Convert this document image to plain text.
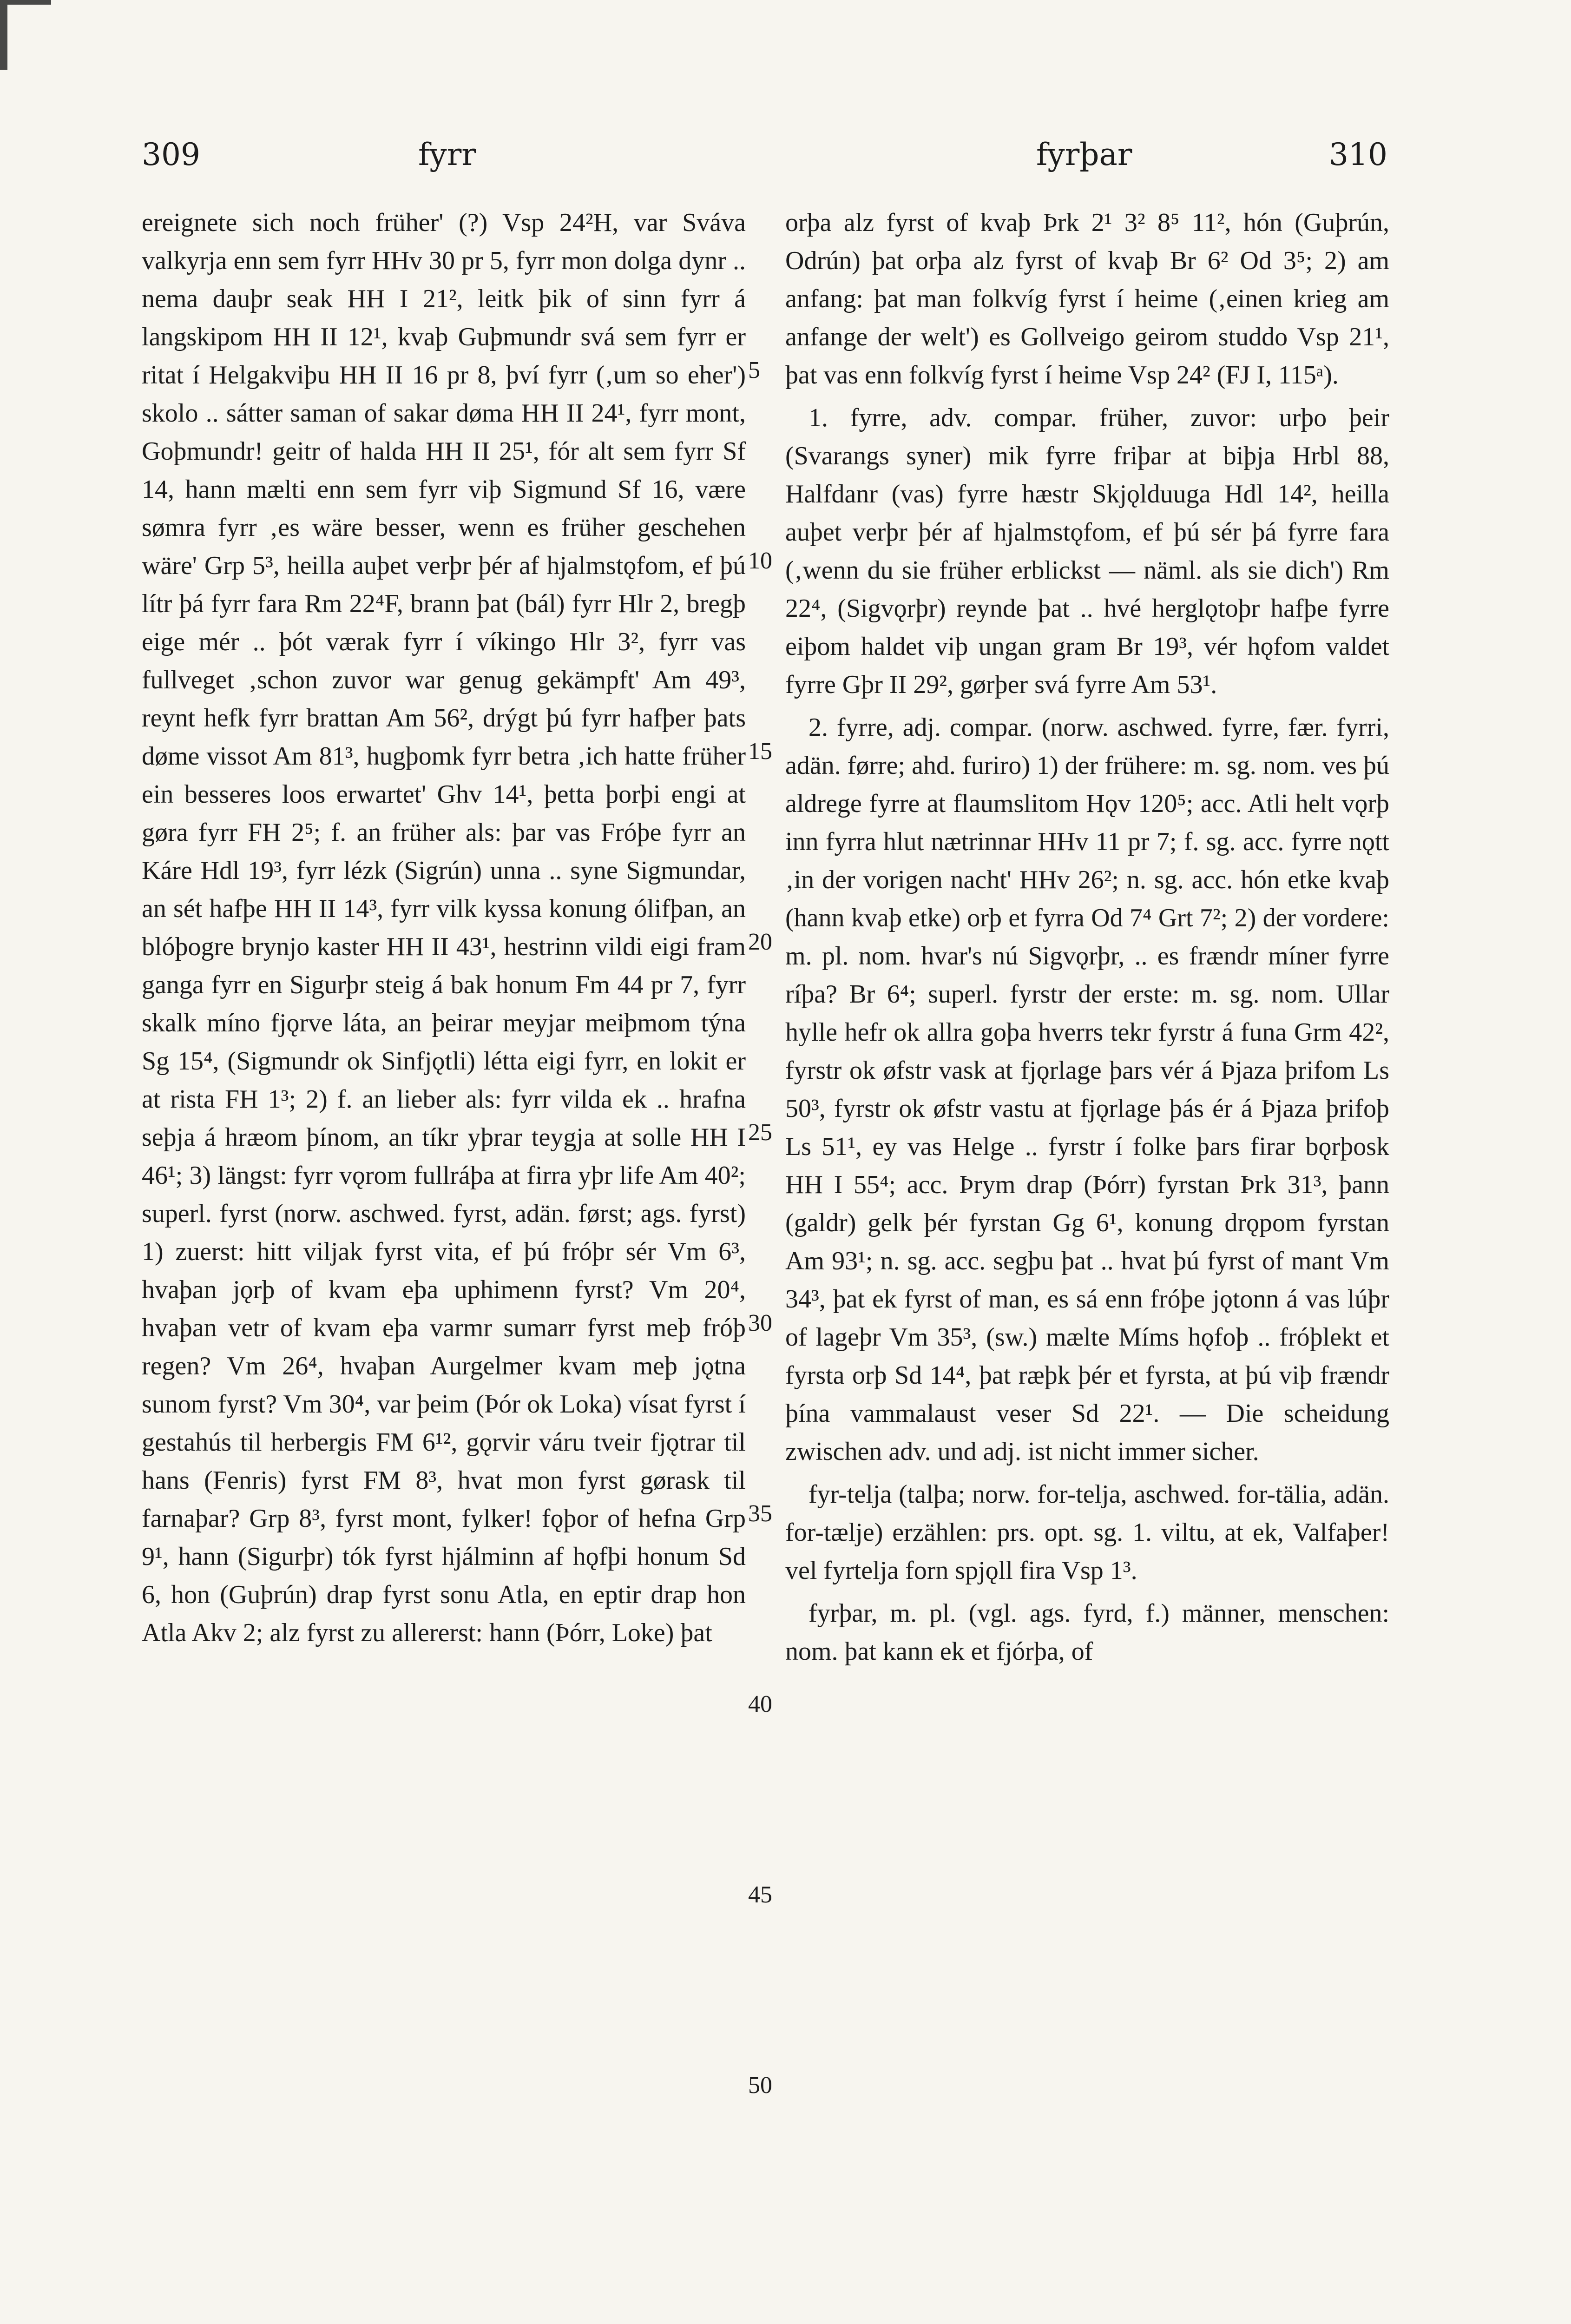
309	fyrr	fyrþar	310

ereignete sich noch früher' (?) Vsp 24²H, var Sváva valkyrja enn sem fyrr HHv 30 pr 5, fyrr mon dolga dynr .. nema dauþr seak HH I 21², leitk þik of sinn fyrr á langskipom HH II 12¹, kvaþ Guþmundr svá sem fyrr er ritat í Helgakviþu HH II 16 pr 8, því fyrr (‚um so eher') skolo .. sátter saman of sakar døma HH II 24¹, fyrr mont, Goþmundr! geitr of halda HH II 25¹, fór alt sem fyrr Sf 14, hann mælti enn sem fyrr viþ Sigmund Sf 16, være sømra fyrr ‚es wäre besser, wenn es früher geschehen wäre' Grp 5³, heilla auþet verþr þér af hjalmstǫfom, ef þú lítr þá fyrr fara Rm 22⁴F, brann þat (bál) fyrr Hlr 2, bregþ eige mér .. þót værak fyrr í víkingo Hlr 3², fyrr vas fullveget ‚schon zuvor war genug gekämpft' Am 49³, reynt hefk fyrr brattan Am 56², drýgt þú fyrr hafþer þats døme vissot Am 81³, hugþomk fyrr betra ‚ich hatte früher ein besseres loos erwartet' Ghv 14¹, þetta þorþi engi at gøra fyrr FH 2⁵; f. an früher als: þar vas Fróþe fyrr an Káre Hdl 19³, fyrr lézk (Sigrún) unna .. syne Sigmundar, an sét hafþe HH II 14³, fyrr vilk kyssa konung ólifþan, an blóþogre brynjo kaster HH II 43¹, hestrinn vildi eigi fram ganga fyrr en Sigurþr steig á bak honum Fm 44 pr 7, fyrr skalk míno fjǫrve láta, an þeirar meyjar meiþmom týna Sg 15⁴, (Sigmundr ok Sinfjǫtli) létta eigi fyrr, en lokit er at rista FH 1³; 2) f. an lieber als: fyrr vilda ek .. hrafna seþja á hræom þínom, an tíkr yþrar teygja at solle HH I 46¹; 3) längst: fyrr vǫrom fullráþa at firra yþr life Am 40²; superl. fyrst (norw. aschwed. fyrst, adän. først; ags. fyrst) 1) zuerst: hitt viljak fyrst vita, ef þú fróþr sér Vm 6³, hvaþan jǫrþ of kvam eþa uphimenn fyrst? Vm 20⁴, hvaþan vetr of kvam eþa varmr sumarr fyrst meþ fróþ regen? Vm 26⁴, hvaþan Aurgelmer kvam meþ jǫtna sunom fyrst? Vm 30⁴, var þeim (Þór ok Loka) vísat fyrst í gestahús til herbergis FM 6¹², gǫrvir váru tveir fjǫtrar til hans (Fenris) fyrst FM 8³, hvat mon fyrst gørask til farnaþar? Grp 8³, fyrst mont, fylker! fǫþor of hefna Grp 9¹, hann (Sigurþr) tók fyrst hjálminn af hǫfþi honum Sd 6, hon (Guþrún) drap fyrst sonu Atla, en eptir drap hon Atla Akv 2; alz fyrst zu allererst: hann (Þórr, Loke) þat

5
10
15
20
25
30
35
40
45
50

orþa alz fyrst of kvaþ Þrk 2¹ 3² 8⁵ 11², hón (Guþrún, Odrún) þat orþa alz fyrst of kvaþ Br 6² Od 3⁵; 2) am anfang: þat man folkvíg fyrst í heime (‚einen krieg am anfange der welt') es Gollveigo geirom studdo Vsp 21¹, þat vas enn folkvíg fyrst í heime Vsp 24² (FJ I, 115ᵃ).

1. fyrre, adv. compar. früher, zuvor: urþo þeir (Svarangs syner) mik fyrre friþar at biþja Hrbl 88, Halfdanr (vas) fyrre hæstr Skjǫlduuga Hdl 14², heilla auþet verþr þér af hjalmstǫfom, ef þú sér þá fyrre fara (‚wenn du sie früher erblickst — näml. als sie dich') Rm 22⁴, (Sigvǫrþr) reynde þat .. hvé herglǫtoþr hafþe fyrre eiþom haldet viþ ungan gram Br 19³, vér hǫfom valdet fyrre Gþr II 29², gørþer svá fyrre Am 53¹.

2. fyrre, adj. compar. (norw. aschwed. fyrre, fær. fyrri, adän. førre; ahd. furiro) 1) der frühere: m. sg. nom. ves þú aldrege fyrre at flaumslitom Hǫv 120⁵; acc. Atli helt vǫrþ inn fyrra hlut nætrinnar HHv 11 pr 7; f. sg. acc. fyrre nǫtt ‚in der vorigen nacht' HHv 26²; n. sg. acc. hón etke kvaþ (hann kvaþ etke) orþ et fyrra Od 7⁴ Grt 7²; 2) der vordere: m. pl. nom. hvar's nú Sigvǫrþr, .. es frændr míner fyrre ríþa? Br 6⁴; superl. fyrstr der erste: m. sg. nom. Ullar hylle hefr ok allra goþa hverrs tekr fyrstr á funa Grm 42², fyrstr ok øfstr vask at fjǫrlage þars vér á Þjaza þrifom Ls 50³, fyrstr ok øfstr vastu at fjǫrlage þás ér á Þjaza þrifoþ Ls 51¹, ey vas Helge .. fyrstr í folke þars firar bǫrþosk HH I 55⁴; acc. Þrym drap (Þórr) fyrstan Þrk 31³, þann (galdr) gelk þér fyrstan Gg 6¹, konung drǫpom fyrstan Am 93¹; n. sg. acc. segþu þat .. hvat þú fyrst of mant Vm 34³, þat ek fyrst of man, es sá enn fróþe jǫtonn á vas lúþr of lageþr Vm 35³, (sw.) mælte Míms hǫfoþ .. fróþlekt et fyrsta orþ Sd 14⁴, þat ræþk þér et fyrsta, at þú viþ frændr þína vammalaust veser Sd 22¹. — Die scheidung zwischen adv. und adj. ist nicht immer sicher.

fyr-telja (talþa; norw. for-telja, aschwed. for-tälia, adän. for-tælje) erzählen: prs. opt. sg. 1. viltu, at ek, Valfaþer! vel fyrtelja forn spjǫll fira Vsp 1³.

fyrþar, m. pl. (vgl. ags. fyrd, f.) männer, menschen: nom. þat kann ek et fjórþa, of
